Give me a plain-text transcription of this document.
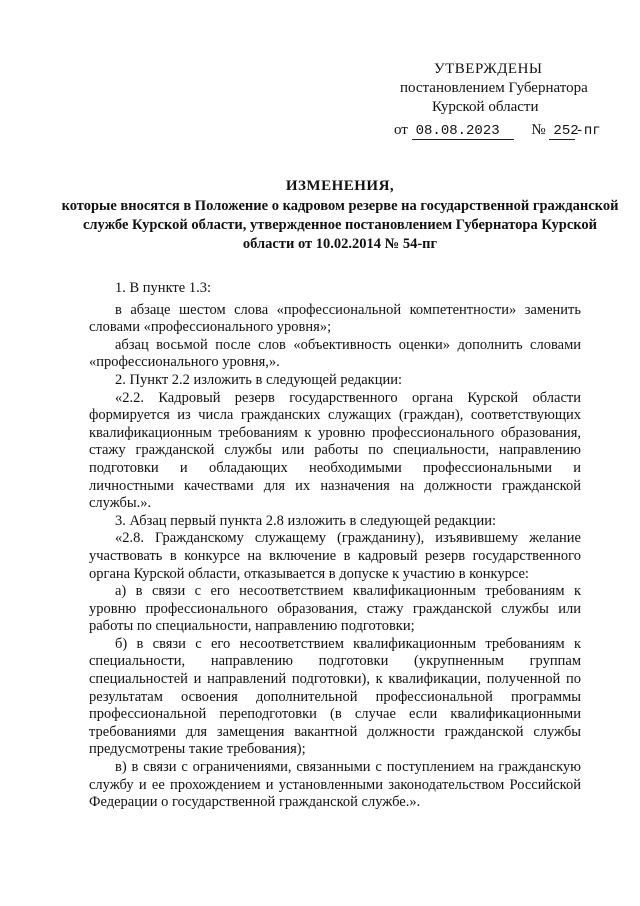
УТВЕРЖДЕНЫ
постановлением Губернатора
Курской области
от 08.08.2023 № 252-пг
ИЗМЕНЕНИЯ,
которые вносятся в Положение о кадровом резерве на государственной гражданской службе Курской области, утвержденное постановлением Губернатора Курской области от 10.02.2014 № 54-пг

1. В пункте 1.3:

в абзаце шестом слова «профессиональной компетентности» заменить словами «профессионального уровня»;

абзац восьмой после слов «объективность оценки» дополнить словами «профессионального уровня,».

2. Пункт 2.2 изложить в следующей редакции:

«2.2. Кадровый резерв государственного органа Курской области формируется из числа гражданских служащих (граждан), соответствующих квалификационным требованиям к уровню профессионального образования, стажу гражданской службы или работы по специальности, направлению подготовки и обладающих необходимыми профессиональными и личностными качествами для их назначения на должности гражданской службы.».

3. Абзац первый пункта 2.8 изложить в следующей редакции:

«2.8. Гражданскому служащему (гражданину), изъявившему желание участвовать в конкурсе на включение в кадровый резерв государственного органа Курской области, отказывается в допуске к участию в конкурсе:

а) в связи с его несоответствием квалификационным требованиям к уровню профессионального образования, стажу гражданской службы или работы по специальности, направлению подготовки;

б) в связи с его несоответствием квалификационным требованиям к специальности, направлению подготовки (укрупненным группам специальностей и направлений подготовки), к квалификации, полученной по результатам освоения дополнительной профессиональной программы профессиональной переподготовки (в случае если квалификационными требованиями для замещения вакантной должности гражданской службы предусмотрены такие требования);

в) в связи с ограничениями, связанными с поступлением на гражданскую службу и ее прохождением и установленными законодательством Российской Федерации о государственной гражданской службе.».
